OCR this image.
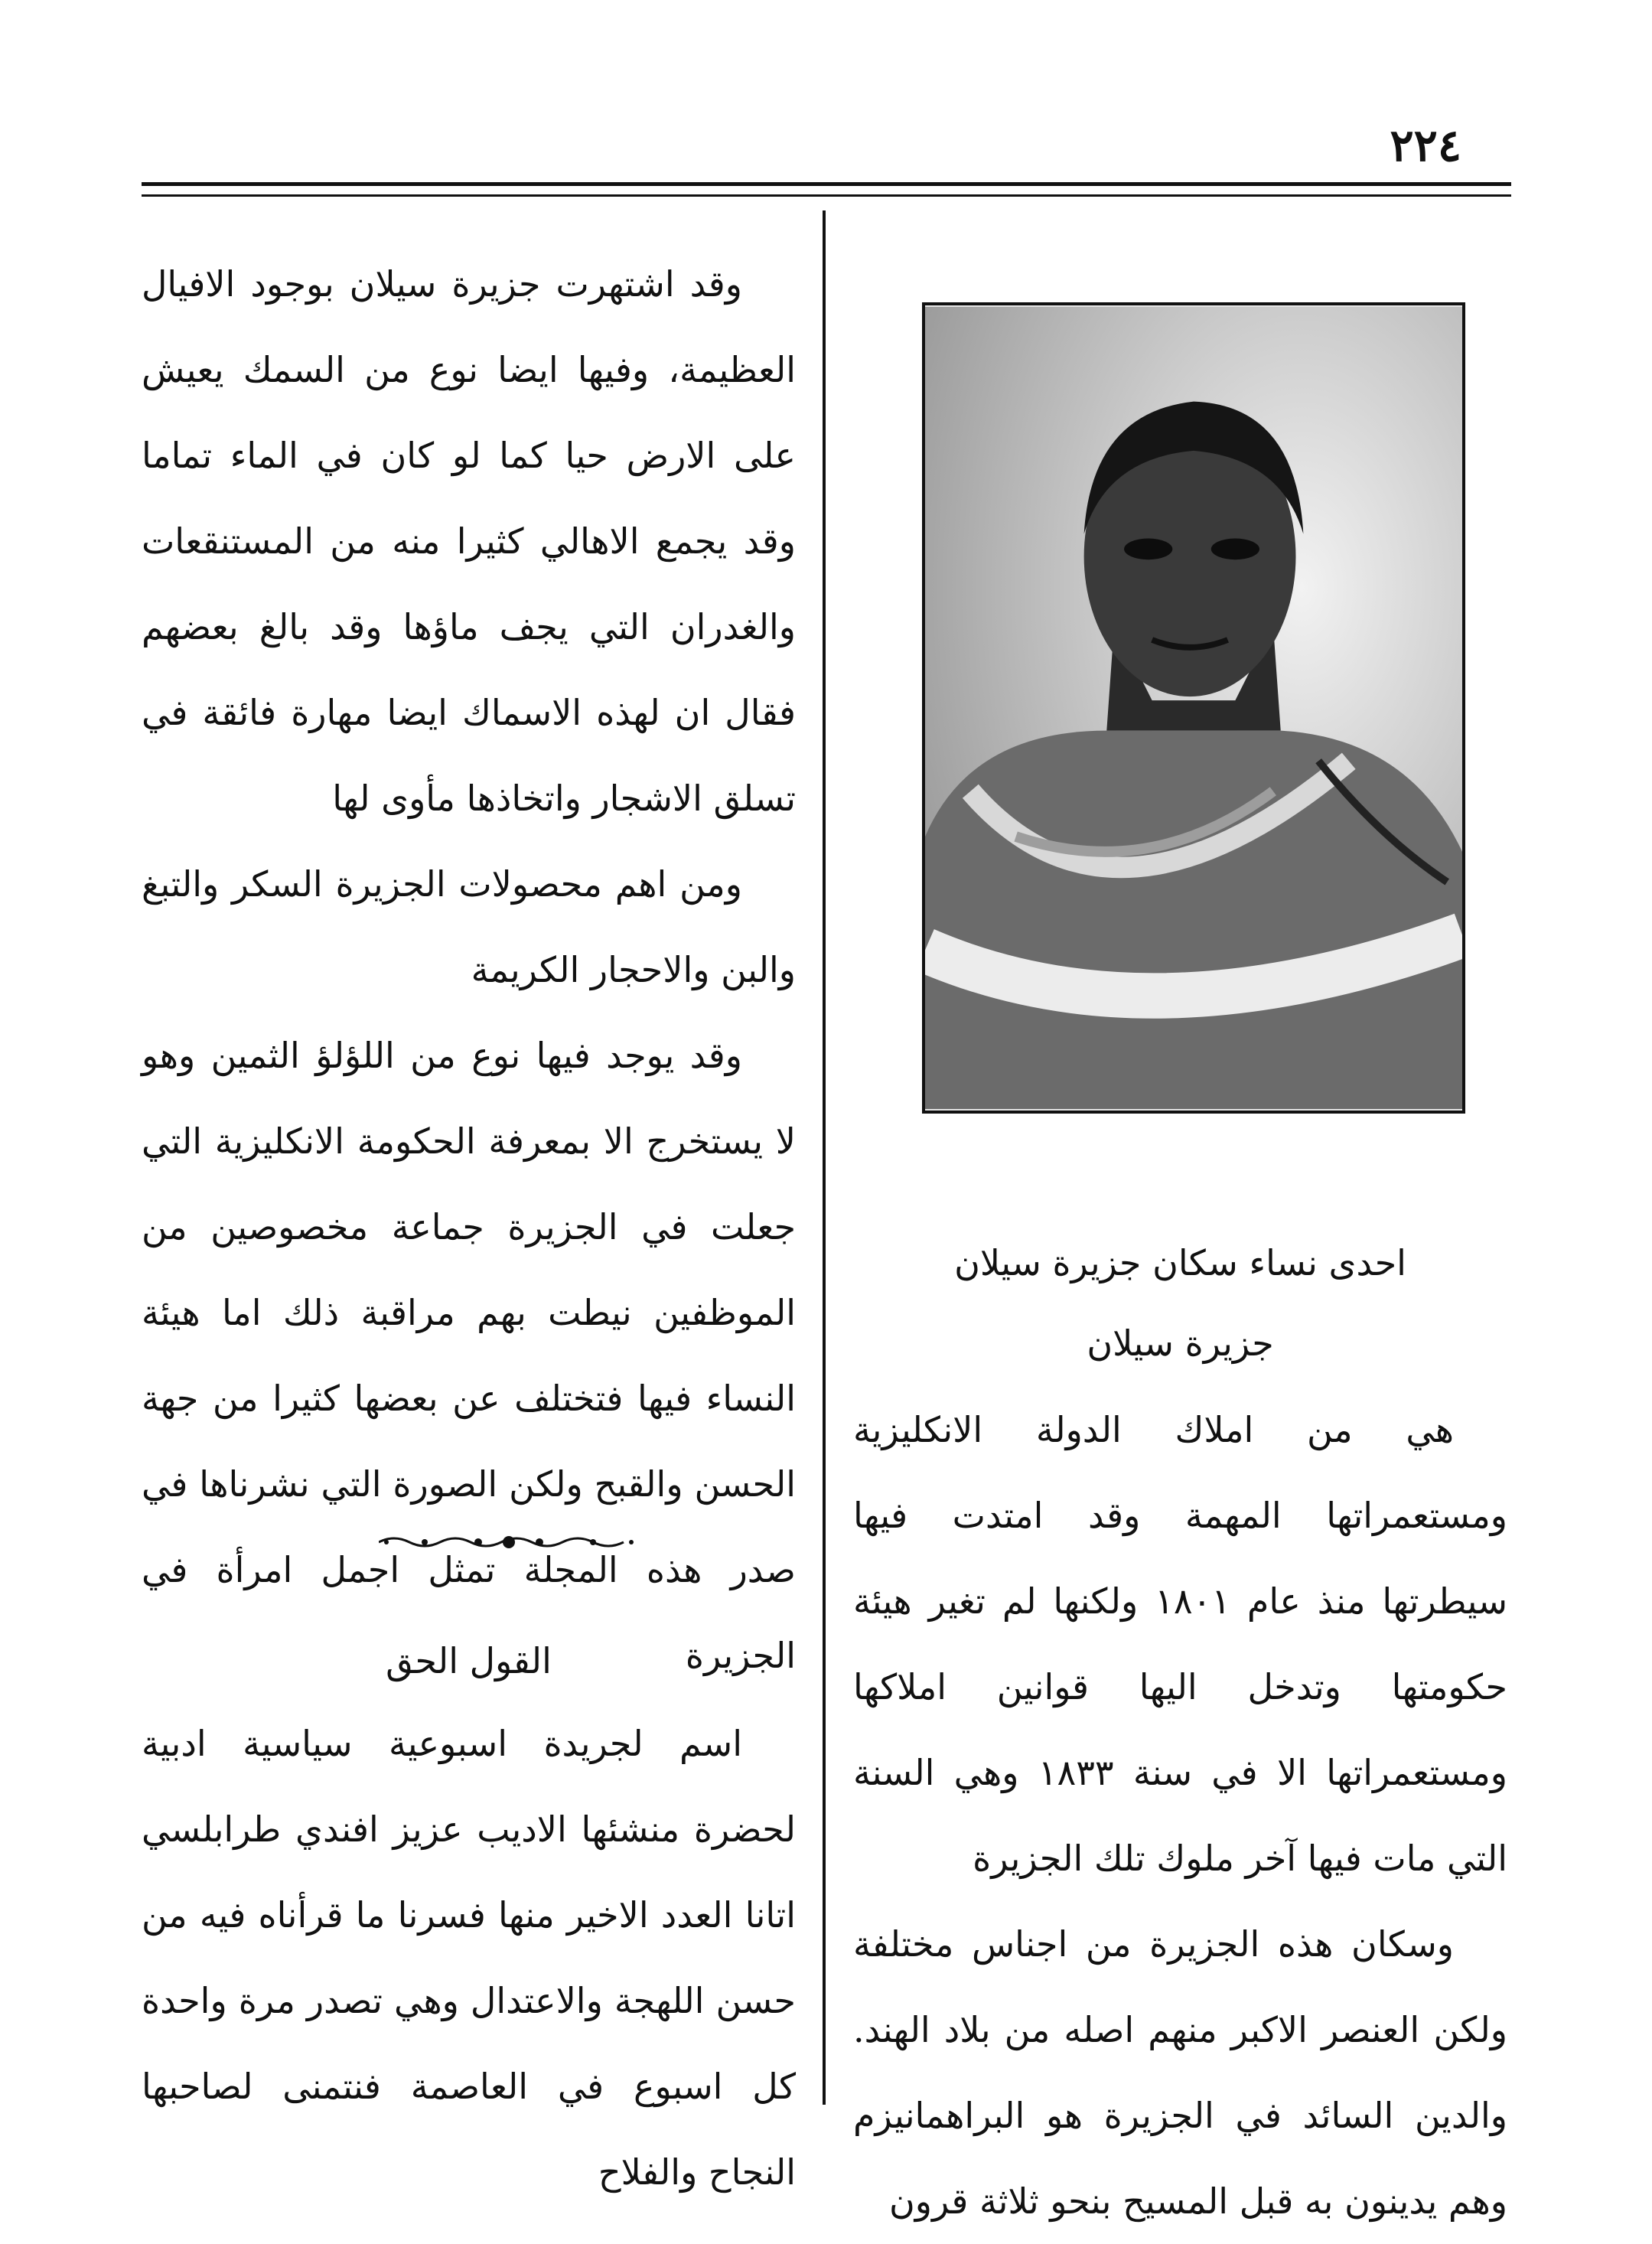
٢٢٤
احدى نساء سكان جزيرة سيلان
جزيرة سيلان

هي من املاك الدولة الانكليزية ومستعمراتها المهمة وقد امتدت فيها سيطرتها منذ عام ١٨٠١ ولكنها لم تغير هيئة حكومتها وتدخل اليها قوانين املاكها ومستعمراتها الا في سنة ١٨٣٣ وهي السنة التي مات فيها آخر ملوك تلك الجزيرة

وسكان هذه الجزيرة من اجناس مختلفة ولكن العنصر الاكبر منهم اصله من بلاد الهند. والدين السائد في الجزيرة هو البراهمانيزم وهم يدينون به قبل المسيح بنحو ثلاثة قرون

وقد اشتهرت جزيرة سيلان بوجود الافيال العظيمة، وفيها ايضا نوع من السمك يعيش على الارض حيا كما لو كان في الماء تماما وقد يجمع الاهالي كثيرا منه من المستنقعات والغدران التي يجف ماؤها وقد بالغ بعضهم فقال ان لهذه الاسماك ايضا مهارة فائقة في تسلق الاشجار واتخاذها مأوى لها

ومن اهم محصولات الجزيرة السكر والتبغ والبن والاحجار الكريمة

وقد يوجد فيها نوع من اللؤلؤ الثمين وهو لا يستخرج الا بمعرفة الحكومة الانكليزية التي جعلت في الجزيرة جماعة مخصوصين من الموظفين نيطت بهم مراقبة ذلك اما هيئة النساء فيها فتختلف عن بعضها كثيرا من جهة الحسن والقبح ولكن الصورة التي نشرناها في صدر هذه المجلة تمثل اجمل امرأة في الجزيرة

القول الحق

اسم لجريدة اسبوعية سياسية ادبية لحضرة منشئها الاديب عزيز افندي طرابلسي اتانا العدد الاخير منها فسرنا ما قرأناه فيه من حسن اللهجة والاعتدال وهي تصدر مرة واحدة كل اسبوع في العاصمة فنتمنى لصاحبها النجاح والفلاح
